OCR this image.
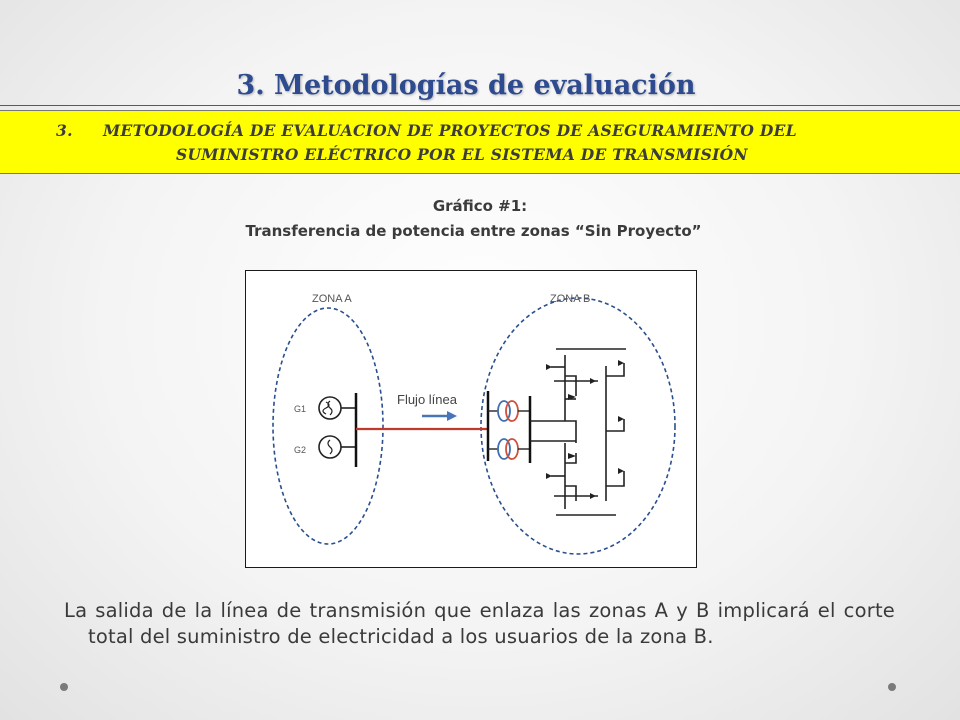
3. Metodologías de evaluación
3. METODOLOGÍA DE EVALUACION DE PROYECTOS DE ASEGURAMIENTO DEL
SUMINISTRO ELÉCTRICO POR EL SISTEMA DE TRANSMISIÓN
Gráfico #1:
Transferencia de potencia entre zonas “Sin Proyecto”
ZONA A	ZONA B
G1
G2
Flujo línea
La salida de la línea de transmisión que enlaza las zonas A y B implicará el corte total del suministro de electricidad a los usuarios de la zona B.
